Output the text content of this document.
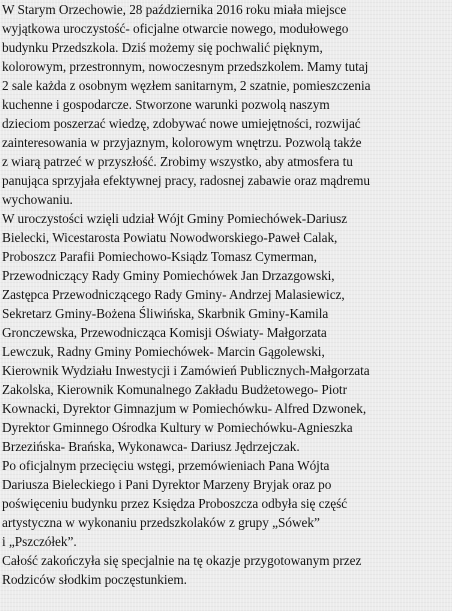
W Starym Orzechowie, 28 października 2016 roku miała miejsce
wyjątkowa uroczystość- oficjalne otwarcie nowego, modułowego
budynku Przedszkola. Dziś możemy się pochwalić pięknym,
kolorowym, przestronnym, nowoczesnym przedszkolem. Mamy tutaj
2 sale każda z osobnym węzłem sanitarnym, 2 szatnie, pomieszczenia
kuchenne i gospodarcze. Stworzone warunki pozwolą naszym
dzieciom poszerzać wiedzę, zdobywać nowe umiejętności, rozwijać
zainteresowania w przyjaznym, kolorowym wnętrzu. Pozwolą także
z wiarą patrzeć w przyszłość. Zrobimy wszystko, aby atmosfera tu
panująca sprzyjała efektywnej pracy, radosnej zabawie oraz mądremu
wychowaniu.

W uroczystości wzięli udział Wójt Gminy Pomiechówek-Dariusz
Bielecki, Wicestarosta Powiatu Nowodworskiego-Paweł Calak,
Proboszcz Parafii Pomiechowo-Ksiądz Tomasz Cymerman,
Przewodniczący Rady Gminy Pomiechówek Jan Drzazgowski,
Zastępca Przewodniczącego Rady Gminy- Andrzej Malasiewicz,
Sekretarz Gminy-Bożena Śliwińska, Skarbnik Gminy-Kamila
Gronczewska, Przewodnicząca Komisji Oświaty- Małgorzata
Lewczuk, Radny Gminy Pomiechówek- Marcin Gągolewski,
Kierownik Wydziału Inwestycji i Zamówień Publicznych-Małgorzata
Zakolska, Kierownik Komunalnego Zakładu Budżetowego- Piotr
Kownacki, Dyrektor Gimnazjum w Pomiechówku- Alfred Dzwonek,
Dyrektor Gminnego Ośrodka Kultury w Pomiechówku-Agnieszka
Brzezińska- Brańska, Wykonawca- Dariusz Jędrzejczak.

Po oficjalnym przecięciu wstęgi, przemówieniach Pana Wójta
Dariusza Bieleckiego i Pani Dyrektor Marzeny Bryjak oraz po
poświęceniu budynku przez Księdza Proboszcza odbyła się część
artystyczna w wykonaniu przedszkolaków z grupy „Sówek”
i „Pszczółek”.

Całość zakończyła się specjalnie na tę okazje przygotowanym przez
Rodziców słodkim poczęstunkiem.
